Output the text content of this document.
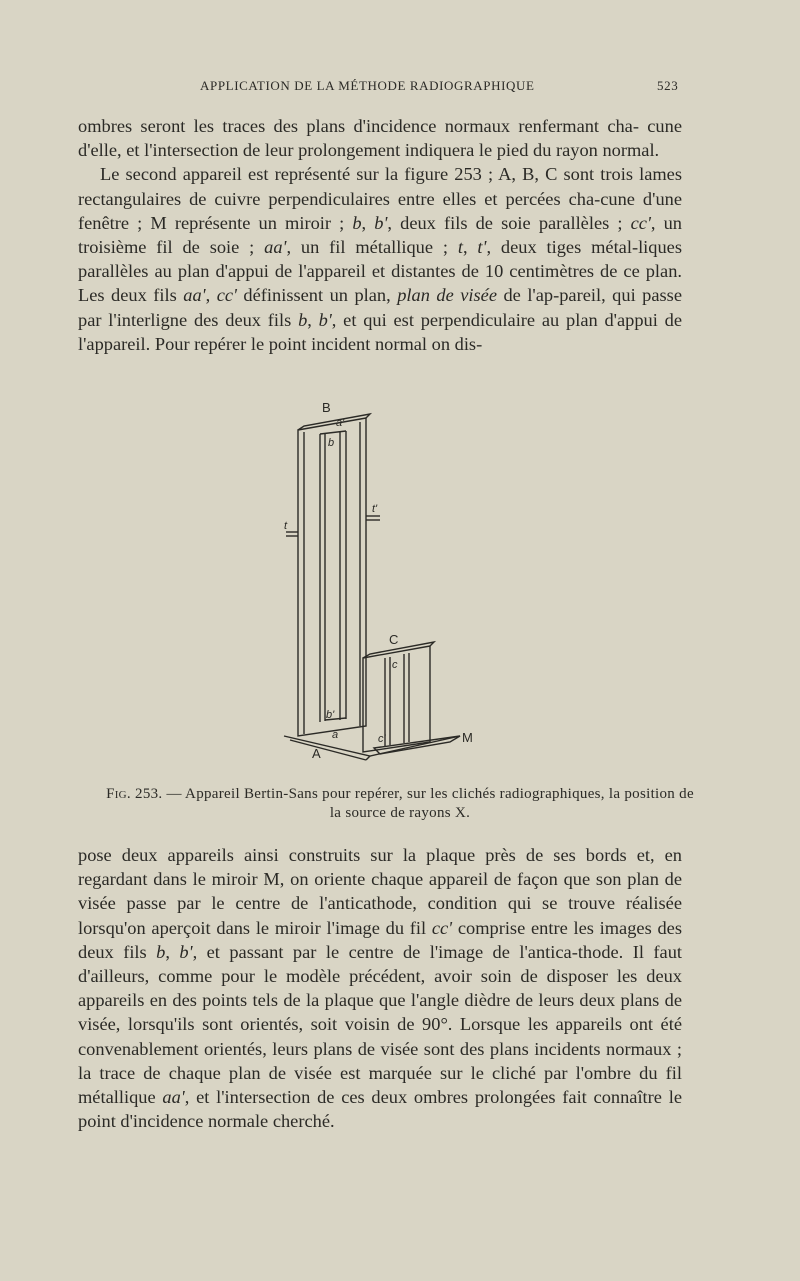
APPLICATION DE LA MÉTHODE RADIOGRAPHIQUE	523

ombres seront les traces des plans d'incidence normaux renfermant cha- cune d'elle, et l'intersection de leur prolongement indiquera le pied du rayon normal.

Le second appareil est représenté sur la figure 253 ; A, B, C sont trois lames rectangulaires de cuivre perpendiculaires entre elles et percées cha-cune d'une fenêtre ; M représente un miroir ; b, b', deux fils de soie parallèles ; cc', un troisième fil de soie ; aa', un fil métallique ; t, t', deux tiges métal-liques parallèles au plan d'appui de l'appareil et distantes de 10 centimètres de ce plan. Les deux fils aa', cc' définissent un plan, plan de visée de l'ap-pareil, qui passe par l'interligne des deux fils b, b', et qui est perpendiculaire au plan d'appui de l'appareil. Pour repérer le point incident normal on dis-

B
C
A
M
t
t'
b
b'
c
c'
a
a'
Fig. 253. — Appareil Bertin-Sans pour repérer, sur les clichés radiographiques, la position de la source de rayons X.

pose deux appareils ainsi construits sur la plaque près de ses bords et, en regardant dans le miroir M, on oriente chaque appareil de façon que son plan de visée passe par le centre de l'anticathode, condition qui se trouve réalisée lorsqu'on aperçoit dans le miroir l'image du fil cc' comprise entre les images des deux fils b, b', et passant par le centre de l'image de l'antica-thode. Il faut d'ailleurs, comme pour le modèle précédent, avoir soin de disposer les deux appareils en des points tels de la plaque que l'angle dièdre de leurs deux plans de visée, lorsqu'ils sont orientés, soit voisin de 90°. Lorsque les appareils ont été convenablement orientés, leurs plans de visée sont des plans incidents normaux ; la trace de chaque plan de visée est marquée sur le cliché par l'ombre du fil métallique aa', et l'intersection de ces deux ombres prolongées fait connaître le point d'incidence normale cherché.
